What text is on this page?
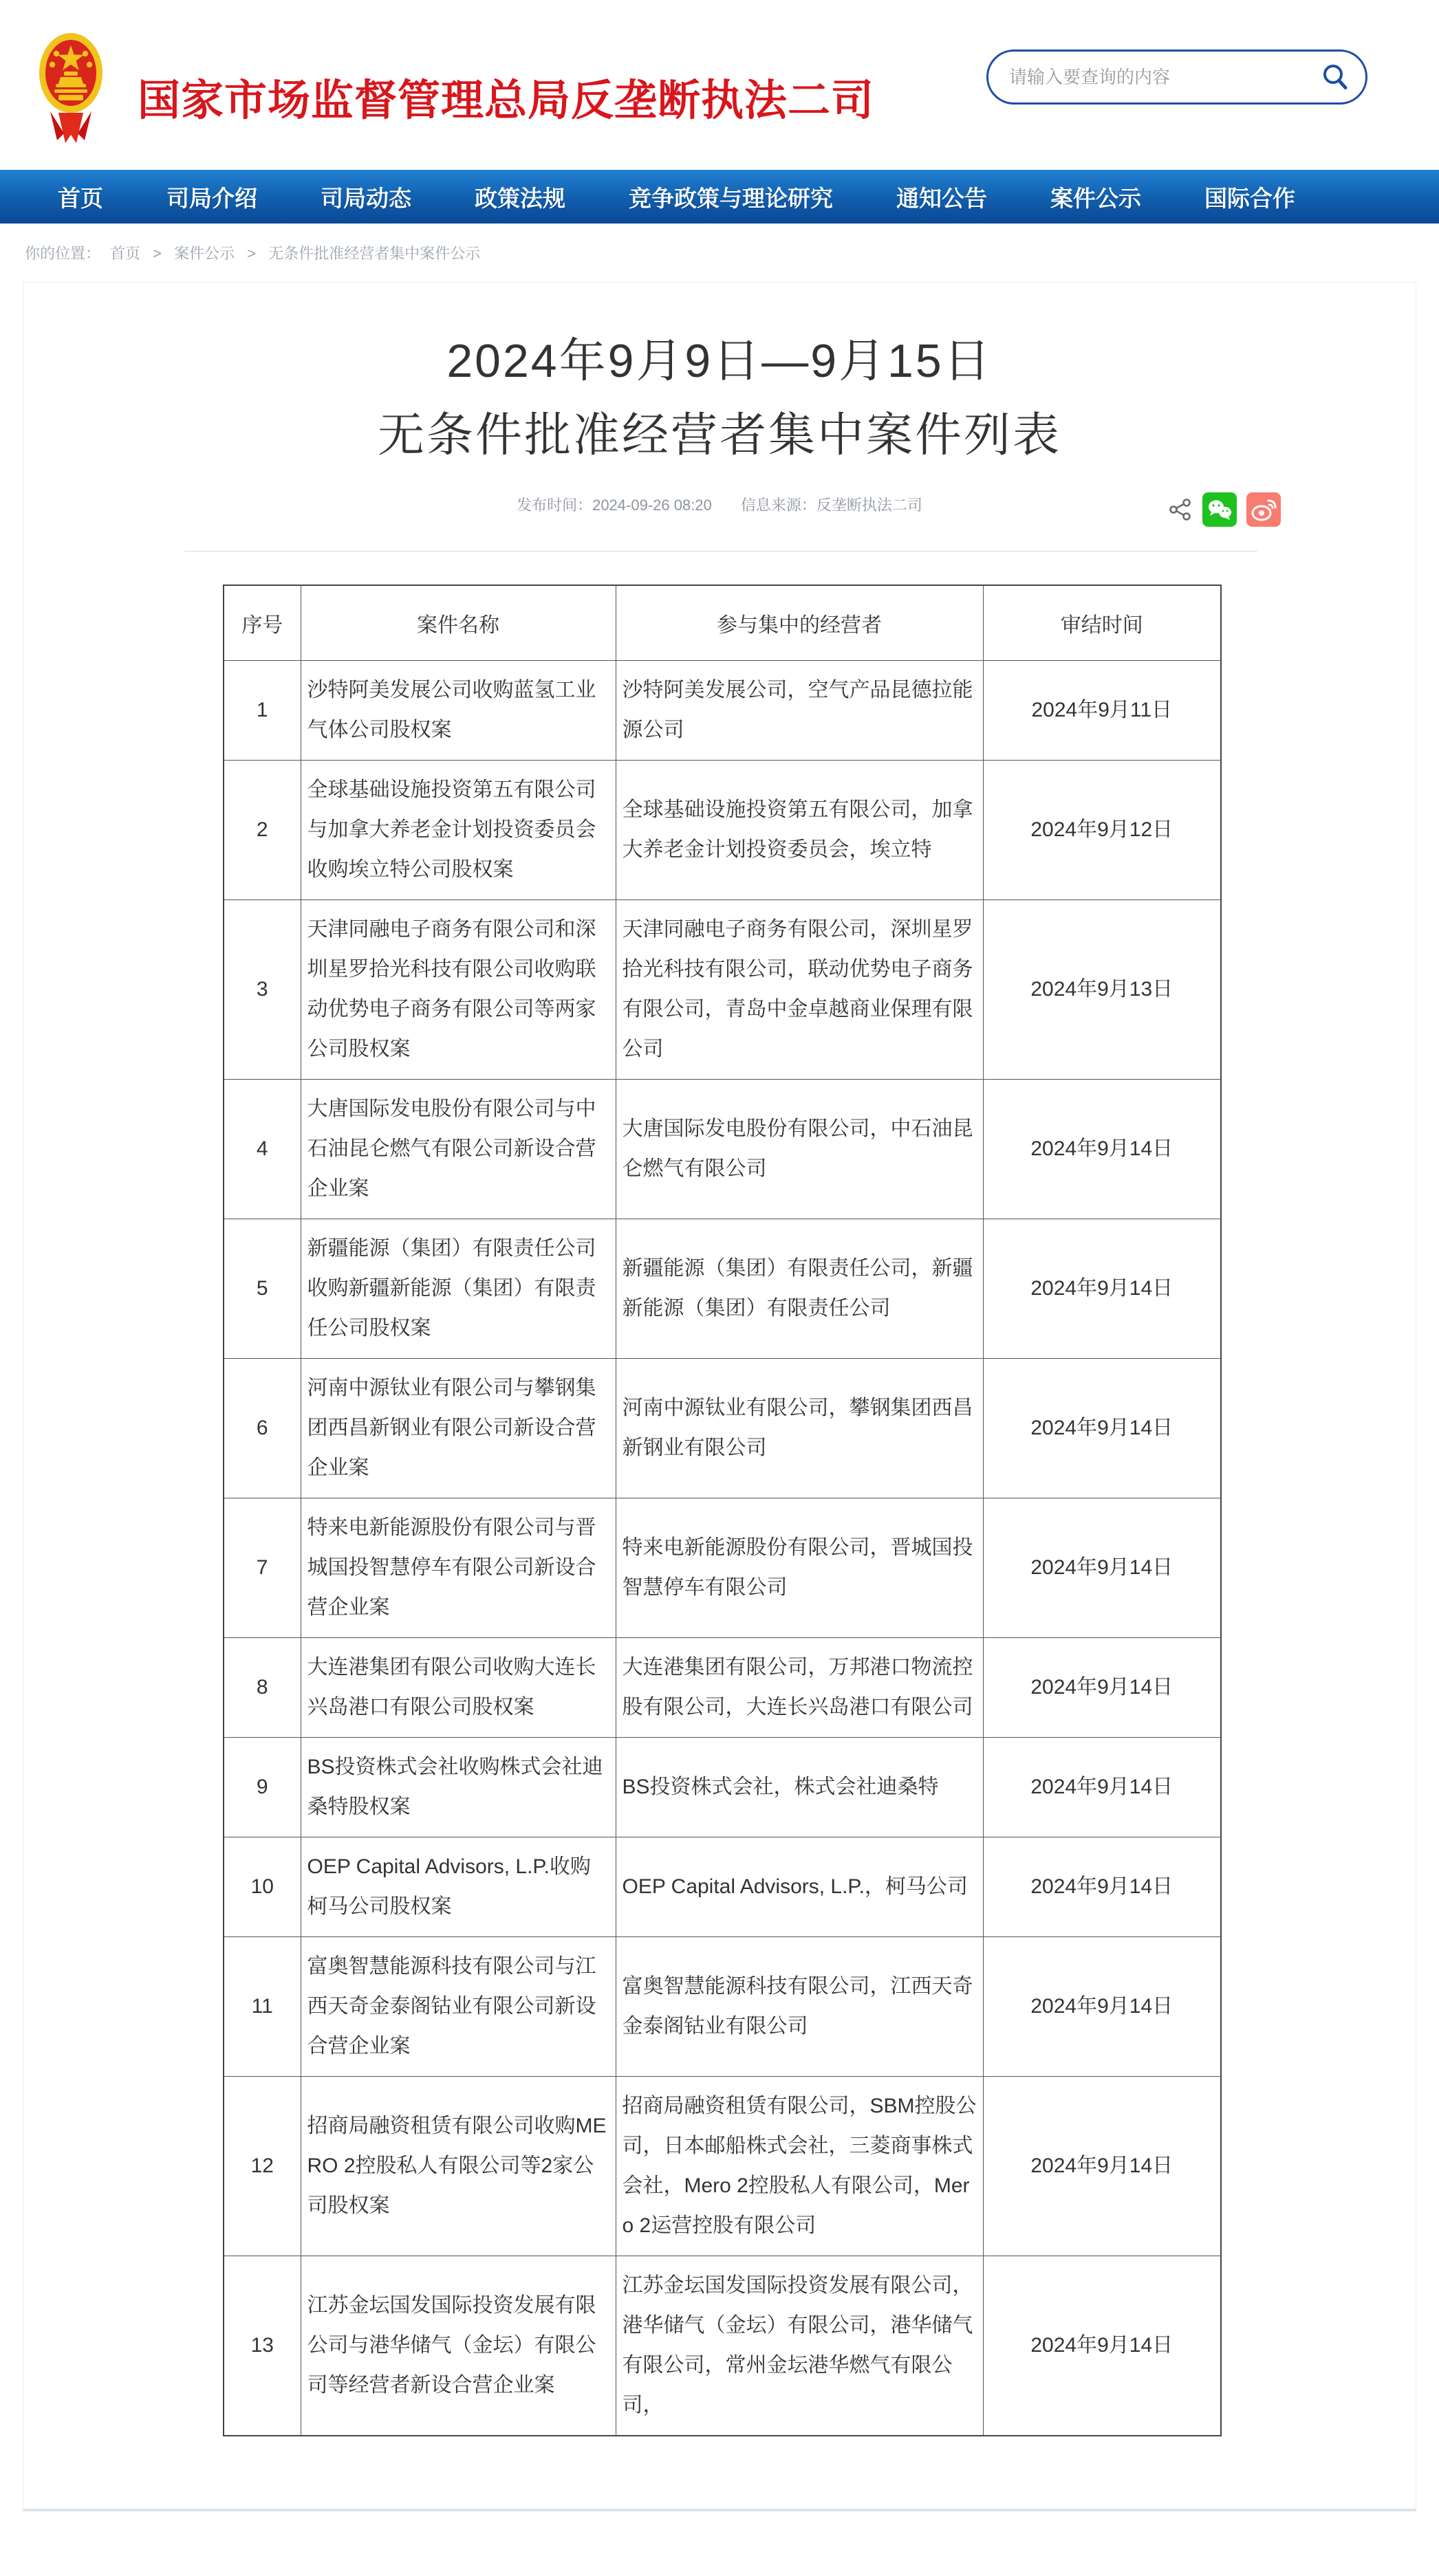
国家市场监督管理总局反垄断执法二司
请输入要查询的内容
首页	司局介绍	司局动态	政策法规	竞争政策与理论研究	通知公告	案件公示	国际合作
你的位置： 首页 > 案件公示 > 无条件批准经营者集中案件公示
2024年9月9日—9月15日
无条件批准经营者集中案件列表
发布时间：2024-09-26 08:20 信息来源：反垄断执法二司
序号	案件名称	参与集中的经营者	审结时间
1	沙特阿美发展公司收购蓝氢工业气体公司股权案	沙特阿美发展公司，空气产品昆德拉能源公司	2024年9月11日
2	全球基础设施投资第五有限公司与加拿大养老金计划投资委员会收购埃立特公司股权案	全球基础设施投资第五有限公司，加拿大养老金计划投资委员会，埃立特	2024年9月12日
3	天津同融电子商务有限公司和深圳星罗拾光科技有限公司收购联动优势电子商务有限公司等两家公司股权案	天津同融电子商务有限公司，深圳星罗拾光科技有限公司，联动优势电子商务有限公司，青岛中金卓越商业保理有限公司	2024年9月13日
4	大唐国际发电股份有限公司与中石油昆仑燃气有限公司新设合营企业案	大唐国际发电股份有限公司，中石油昆仑燃气有限公司	2024年9月14日
5	新疆能源（集团）有限责任公司收购新疆新能源（集团）有限责任公司股权案	新疆能源（集团）有限责任公司，新疆新能源（集团）有限责任公司	2024年9月14日
6	河南中源钛业有限公司与攀钢集团西昌新钢业有限公司新设合营企业案	河南中源钛业有限公司，攀钢集团西昌新钢业有限公司	2024年9月14日
7	特来电新能源股份有限公司与晋城国投智慧停车有限公司新设合营企业案	特来电新能源股份有限公司，晋城国投智慧停车有限公司	2024年9月14日
8	大连港集团有限公司收购大连长兴岛港口有限公司股权案	大连港集团有限公司，万邦港口物流控股有限公司，大连长兴岛港口有限公司	2024年9月14日
9	BS投资株式会社收购株式会社迪桑特股权案	BS投资株式会社，株式会社迪桑特	2024年9月14日
10	OEP Capital Advisors, L.P.收购柯马公司股权案	OEP Capital Advisors, L.P.，柯马公司	2024年9月14日
11	富奥智慧能源科技有限公司与江西天奇金泰阁钴业有限公司新设合营企业案	富奥智慧能源科技有限公司，江西天奇金泰阁钴业有限公司	2024年9月14日
12	招商局融资租赁有限公司收购MERO 2控股私人有限公司等2家公司股权案	招商局融资租赁有限公司，SBM控股公司，日本邮船株式会社，三菱商事株式会社，Mero 2控股私人有限公司，Mero 2运营控股有限公司	2024年9月14日
13	江苏金坛国发国际投资发展有限公司与港华储气（金坛）有限公司等经营者新设合营企业案	江苏金坛国发国际投资发展有限公司，港华储气（金坛）有限公司，港华储气有限公司，常州金坛港华燃气有限公司，	2024年9月14日
